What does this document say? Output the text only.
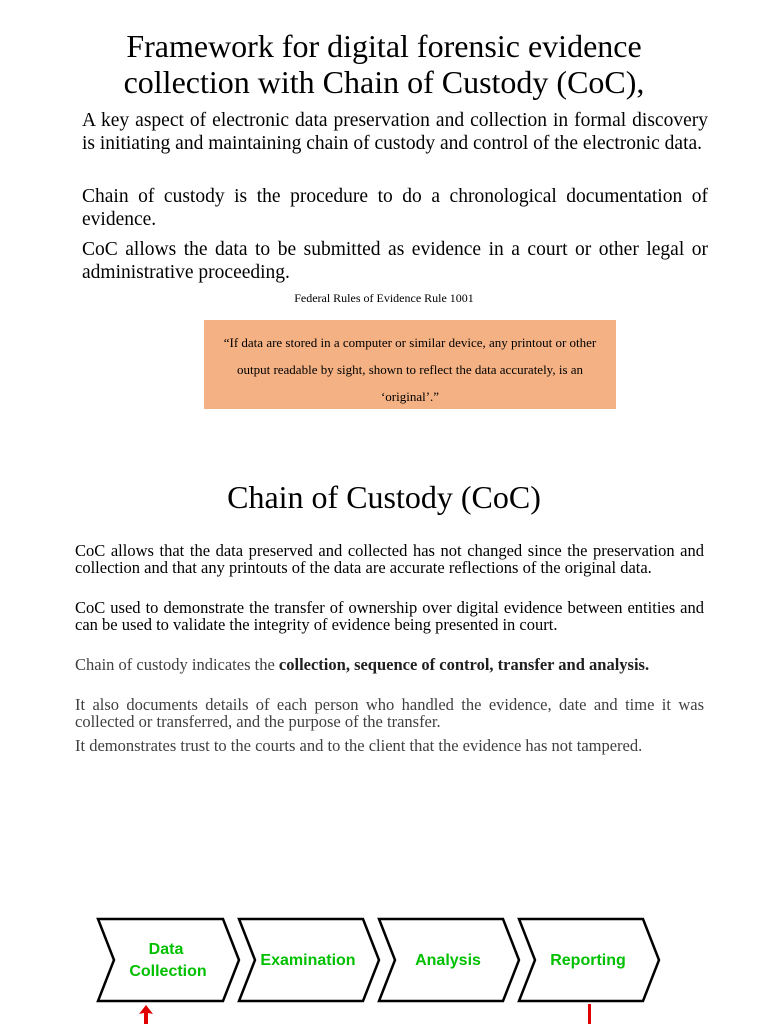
Framework for digital forensic evidence
collection with Chain of Custody (CoC),

A key aspect of electronic data preservation and collection in formal discovery is initiating and maintaining chain of custody and control of the electronic data.

Chain of custody is the procedure to do a chronological documentation of evidence.

CoC allows the data to be submitted as evidence in a court or other legal or administrative proceeding.

Federal Rules of Evidence Rule 1001
“If data are stored in a computer or similar device, any printout or other output readable by sight, shown to reflect the data accurately, is an ‘original’.”
Chain of Custody (CoC)

CoC allows that the data preserved and collected has not changed since the preservation and collection and that any printouts of the data are accurate reflections of the original data.

CoC used to demonstrate the transfer of ownership over digital evidence between entities and can be used to validate the integrity of evidence being presented in court.

Chain of custody indicates the collection, sequence of control, transfer and analysis.

It also documents details of each person who handled the evidence, date and time it was collected or transferred, and the purpose of the transfer.

It demonstrates trust to the courts and to the client that the evidence has not tampered.

Data
Collection
Examination	Analysis	Reporting
